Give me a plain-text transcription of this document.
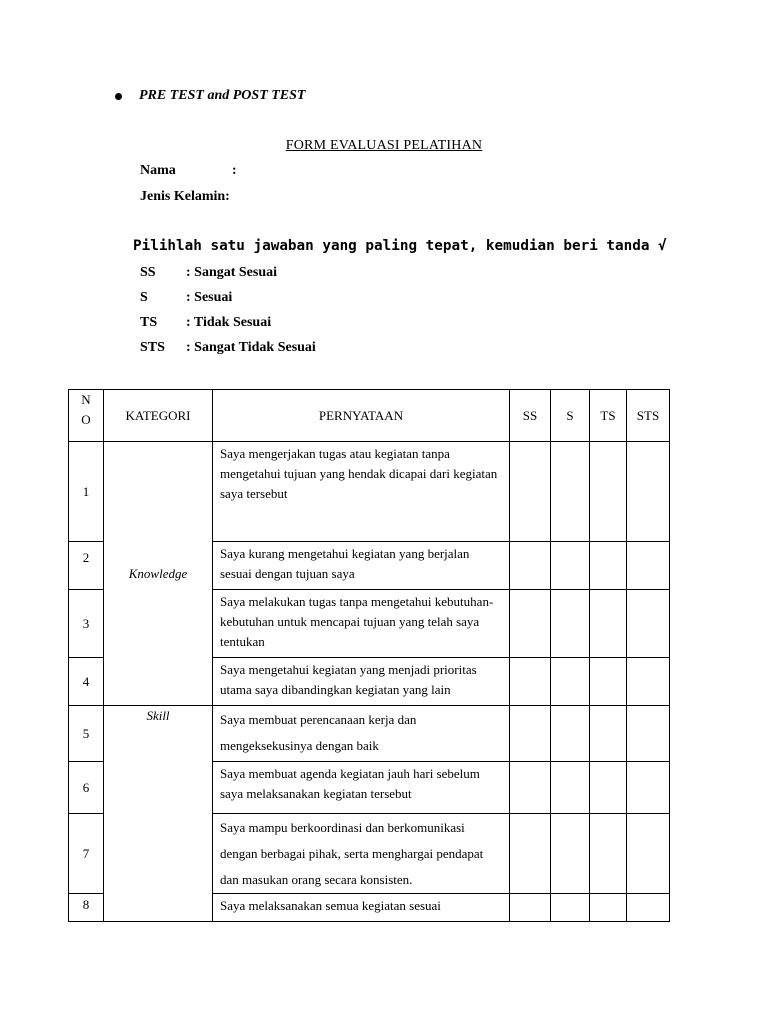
PRE TEST and POST TEST
FORM EVALUASI PELATIHAN
Nama	:
Jenis Kelamin:
Pilihlah satu jawaban yang paling tepat, kemudian beri tanda √
SS : Sangat Sesuai
S	: Sesuai
TS : Tidak Sesuai
STS : Sangat Tidak Sesuai
N
O	KATEGORI	PERNYATAAN	SS	S	TS	STS
1	Knowledge	Saya mengerjakan tugas atau kegiatan tanpa mengetahui tujuan yang hendak dicapai dari kegiatan saya tersebut				
2		Saya kurang mengetahui kegiatan yang berjalan sesuai dengan tujuan saya				
3		Saya melakukan tugas tanpa mengetahui kebutuhan-kebutuhan untuk mencapai tujuan yang telah saya tentukan				
4		Saya mengetahui kegiatan yang menjadi prioritas utama saya dibandingkan kegiatan yang lain				
5	Skill	Saya membuat perencanaan kerja dan mengeksekusinya dengan baik				
6		Saya membuat agenda kegiatan jauh hari sebelum saya melaksanakan kegiatan tersebut				
7		Saya mampu berkoordinasi dan berkomunikasi dengan berbagai pihak, serta menghargai pendapat dan masukan orang secara konsisten.				
8		Saya melaksanakan semua kegiatan sesuai				
